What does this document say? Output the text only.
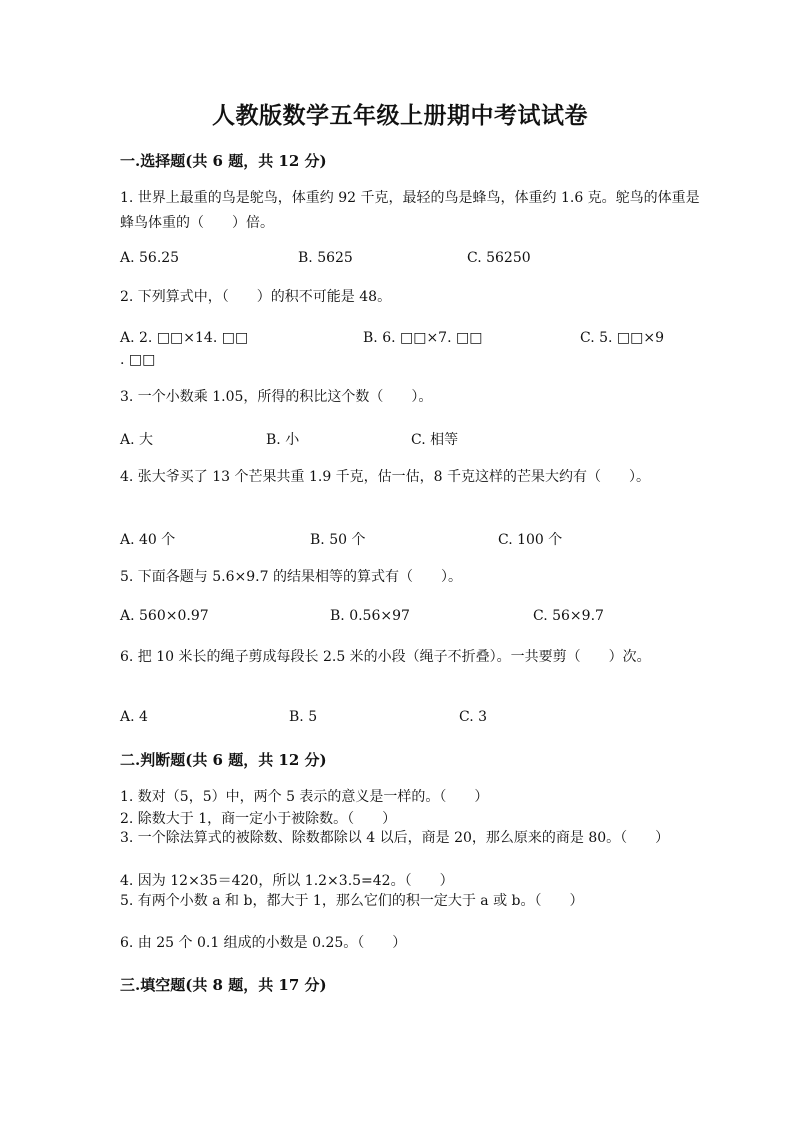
人教版数学五年级上册期中考试试卷
一.选择题(共 6 题，共 12 分)
1. 世界上最重的鸟是鸵鸟，体重约 92 千克，最轻的鸟是蜂鸟，体重约 1.6 克。鸵鸟的体重是蜂鸟体重的（　　）倍。
A. 56.25	B. 5625	C. 56250
2. 下列算式中，（　　）的积不可能是 48。
A. 2. □□×14. □□	B. 6. □□×7. □□	C. 5. □□×9
. □□
3. 一个小数乘 1.05，所得的积比这个数（　　）。
A. 大	B. 小	C. 相等
4. 张大爷买了 13 个芒果共重 1.9 千克，估一估，8 千克这样的芒果大约有（　　）。
A. 40 个	B. 50 个	C. 100 个
5. 下面各题与 5.6×9.7 的结果相等的算式有（　　）。
A. 560×0.97	B. 0.56×97	C. 56×9.7
6. 把 10 米长的绳子剪成每段长 2.5 米的小段（绳子不折叠）。一共要剪（　　）次。
A. 4	B. 5	C. 3
二.判断题(共 6 题，共 12 分)
1. 数对（5，5）中，两个 5 表示的意义是一样的。（　　）
2. 除数大于 1，商一定小于被除数。（　　）
3. 一个除法算式的被除数、除数都除以 4 以后，商是 20，那么原来的商是 80。（　　）
4. 因为 12×35＝420，所以 1.2×3.5=42。（　　）
5. 有两个小数 a 和 b，都大于 1，那么它们的积一定大于 a 或 b。（　　）
6. 由 25 个 0.1 组成的小数是 0.25。（　　）
三.填空题(共 8 题，共 17 分)
